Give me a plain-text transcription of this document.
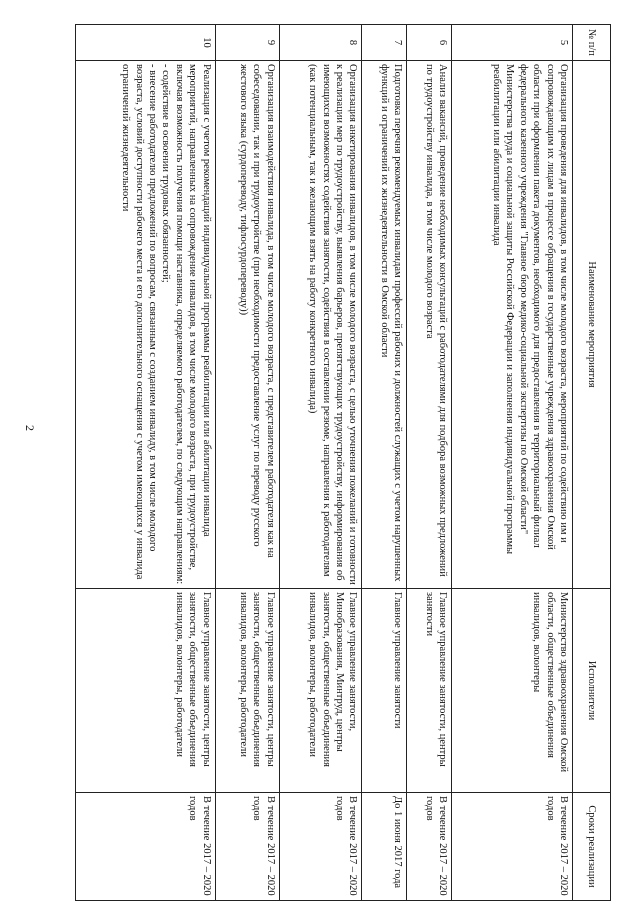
2
№ п/п	Наименование мероприятия	Исполнители	Сроки реализации
5	Организация проведения для инвалидов, в том числе молодого возраста, мероприятий по содействию им и сопровождающим их лицам в процессе обращения в государственные учреждения здравоохранения Омской области при оформлении пакета документов, необходимого для предоставления в территориальный филиал федерального казенного учреждения "Главное бюро медико-социальной экспертизы по Омской области" Министерства труда и социальной защиты Российской Федерации и заполнения индивидуальной программы реабилитации или абилитации инвалида	Министерство здравоохранения Омской области, общественные объединения инвалидов, волонтеры	В течение 2017 – 2020 годов
6	Анализ вакансий, проведение необходимых консультаций с работодателями для подбора возможных предложений по трудоустройству инвалида, в том числе молодого возраста	Главное управление занятости, центры занятости	В течение 2017 – 2020 годов
7	Подготовка перечня рекомендуемых инвалидам профессий рабочих и должностей служащих с учетом нарушенных функций и ограничений их жизнедеятельности в Омской области	Главное управление занятости	До 1 июня 2017 года
8	Организация анкетирования инвалидов, в том числе молодого возраста, с целью уточнения пожеланий и готовности к реализации мер по трудоустройству, выявления барьеров, препятствующих трудоустройству, информирования об имеющихся возможностях содействия занятости, содействия в составлении резюме, направления к работодателям (как потенциальным, так и желающим взять на работу конкретного инвалида)	Главное управление занятости, Минобразования, Минтруд, центры занятости, общественные объединения инвалидов, волонтеры, работодатели	В течение 2017 – 2020 годов
9	Организация взаимодействия инвалида, в том числе молодого возраста, с представителем работодателя как на собеседовании, так и при трудоустройстве (при необходимости предоставление услуг по переводу русского жестового языка (сурдопереводу, тифлосурдопереводу))	Главное управление занятости, центры занятости, общественные объединения инвалидов, волонтеры, работодатели	В течение 2017 – 2020 годов
10	Реализация с учетом рекомендаций индивидуальной программы реабилитации или абилитации инвалида мероприятий, направленных на сопровождение инвалидов, в том числе молодого возраста, при трудоустройстве, включая возможность получения помощи наставника, определяемого работодателем, по следующим направлениям:
- содействие в освоении трудовых обязанностей;
- внесение работодателю предложений по вопросам, связанным с созданием инвалиду, в том числе молодого возраста, условий доступности рабочего места и его дополнительного оснащения с учетом имеющихся у инвалида ограничений жизнедеятельности	Главное управление занятости, центры занятости, общественные объединения инвалидов, волонтеры, работодатели	В течение 2017 – 2020 годов
